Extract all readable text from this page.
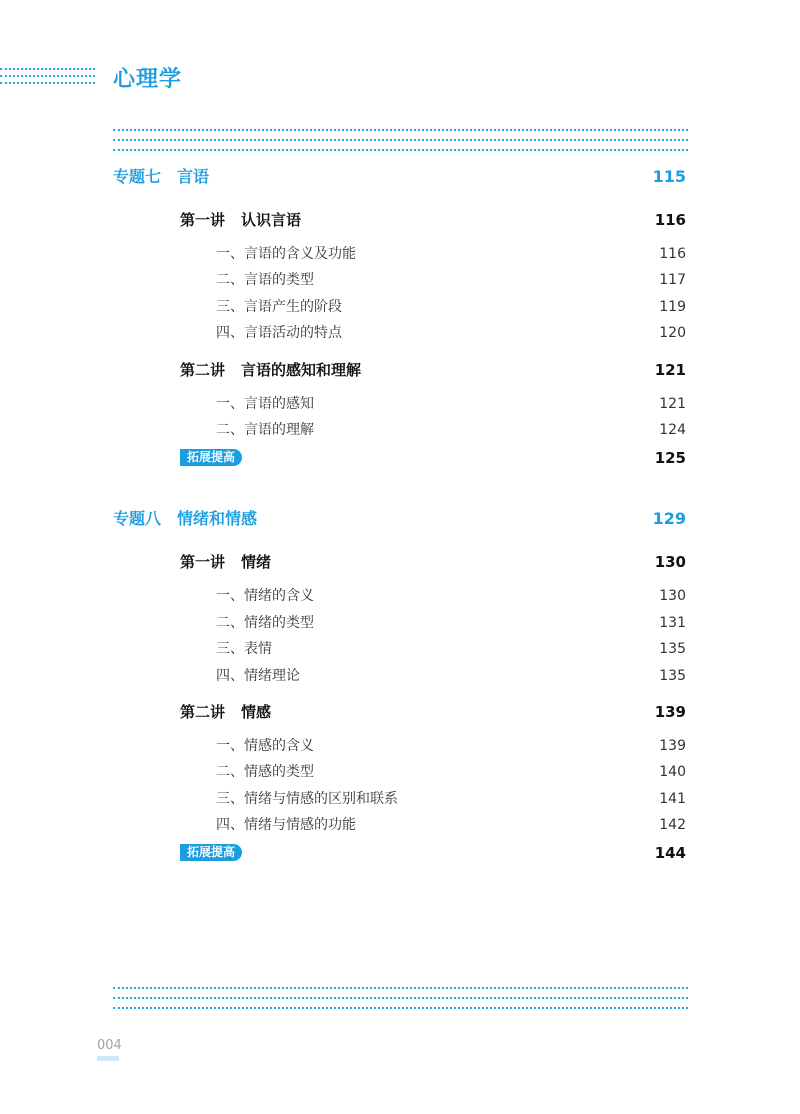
心理学
专题七 言语	115
第一讲 认识言语	116
一、言语的含义及功能	116
二、言语的类型	117
三、言语产生的阶段	119
四、言语活动的特点	120
第二讲 言语的感知和理解	121
一、言语的感知	121
二、言语的理解	124
拓展提高	125
专题八 情绪和情感	129
第一讲 情绪	130
一、情绪的含义	130
二、情绪的类型	131
三、表情	135
四、情绪理论	135
第二讲 情感	139
一、情感的含义	139
二、情感的类型	140
三、情绪与情感的区别和联系	141
四、情绪与情感的功能	142
拓展提高	144
004
